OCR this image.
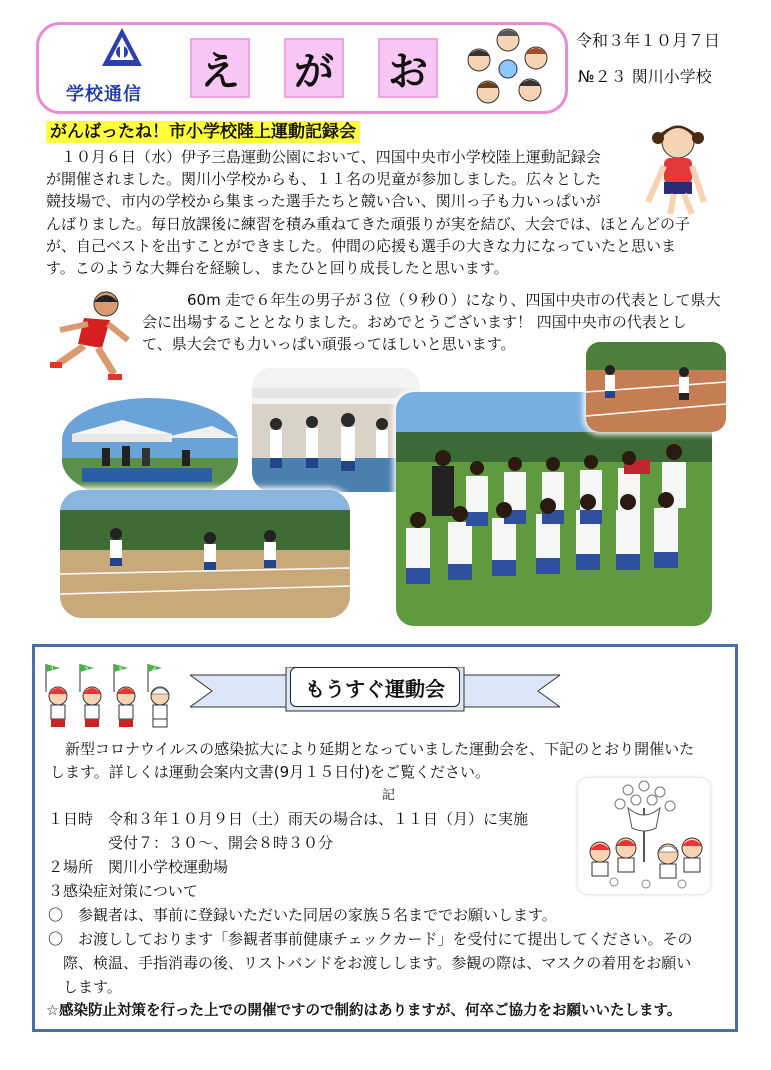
学校通信 え が お
令和３年１０月７日
№２３ 関川小学校
がんばったね！市小学校陸上運動記録会
　１０月６日（水）伊予三島運動公園において、四国中央市小学校陸上運動記録会
が開催されました。関川小学校からも、１１名の児童が参加しました。広々とした
競技場で、市内の学校から集まった選手たちと競い合い、関川っ子も力いっぱいが
んばりました。毎日放課後に練習を積み重ねてきた頑張りが実を結び、大会では、ほとんどの子
が、自己ベストを出すことができました。仲間の応援も選手の大きな力になっていたと思いま
す。このような大舞台を経験し、またひと回り成長したと思います。
　　　60m 走で６年生の男子が３位（９秒０）になり、四国中央市の代表として県大
会に出場することとなりました。おめでとうございます！ 四国中央市の代表とし
て、県大会でも力いっぱい頑張ってほしいと思います。
1	2	3	4
もうすぐ運動会
　新型コロナウイルスの感染拡大により延期となっていました運動会を、下記のとおり開催いた
します。詳しくは運動会案内文書(9月１５日付)をご覧ください。
記
１日時　令和３年１０月９日（土）雨天の場合は、１１日（月）に実施
　　　　受付７：３０～、開会８時３０分
２場所　関川小学校運動場
３感染症対策について
〇　参観者は、事前に登録いただいた同居の家族５名まででお願いします。
〇　お渡ししております「参観者事前健康チェックカード」を受付にて提出してください。その
　際、検温、手指消毒の後、リストバンドをお渡しします。参観の際は、マスクの着用をお願い
　します。
☆感染防止対策を行った上での開催ですので制約はありますが、何卒ご協力をお願いいたします。
